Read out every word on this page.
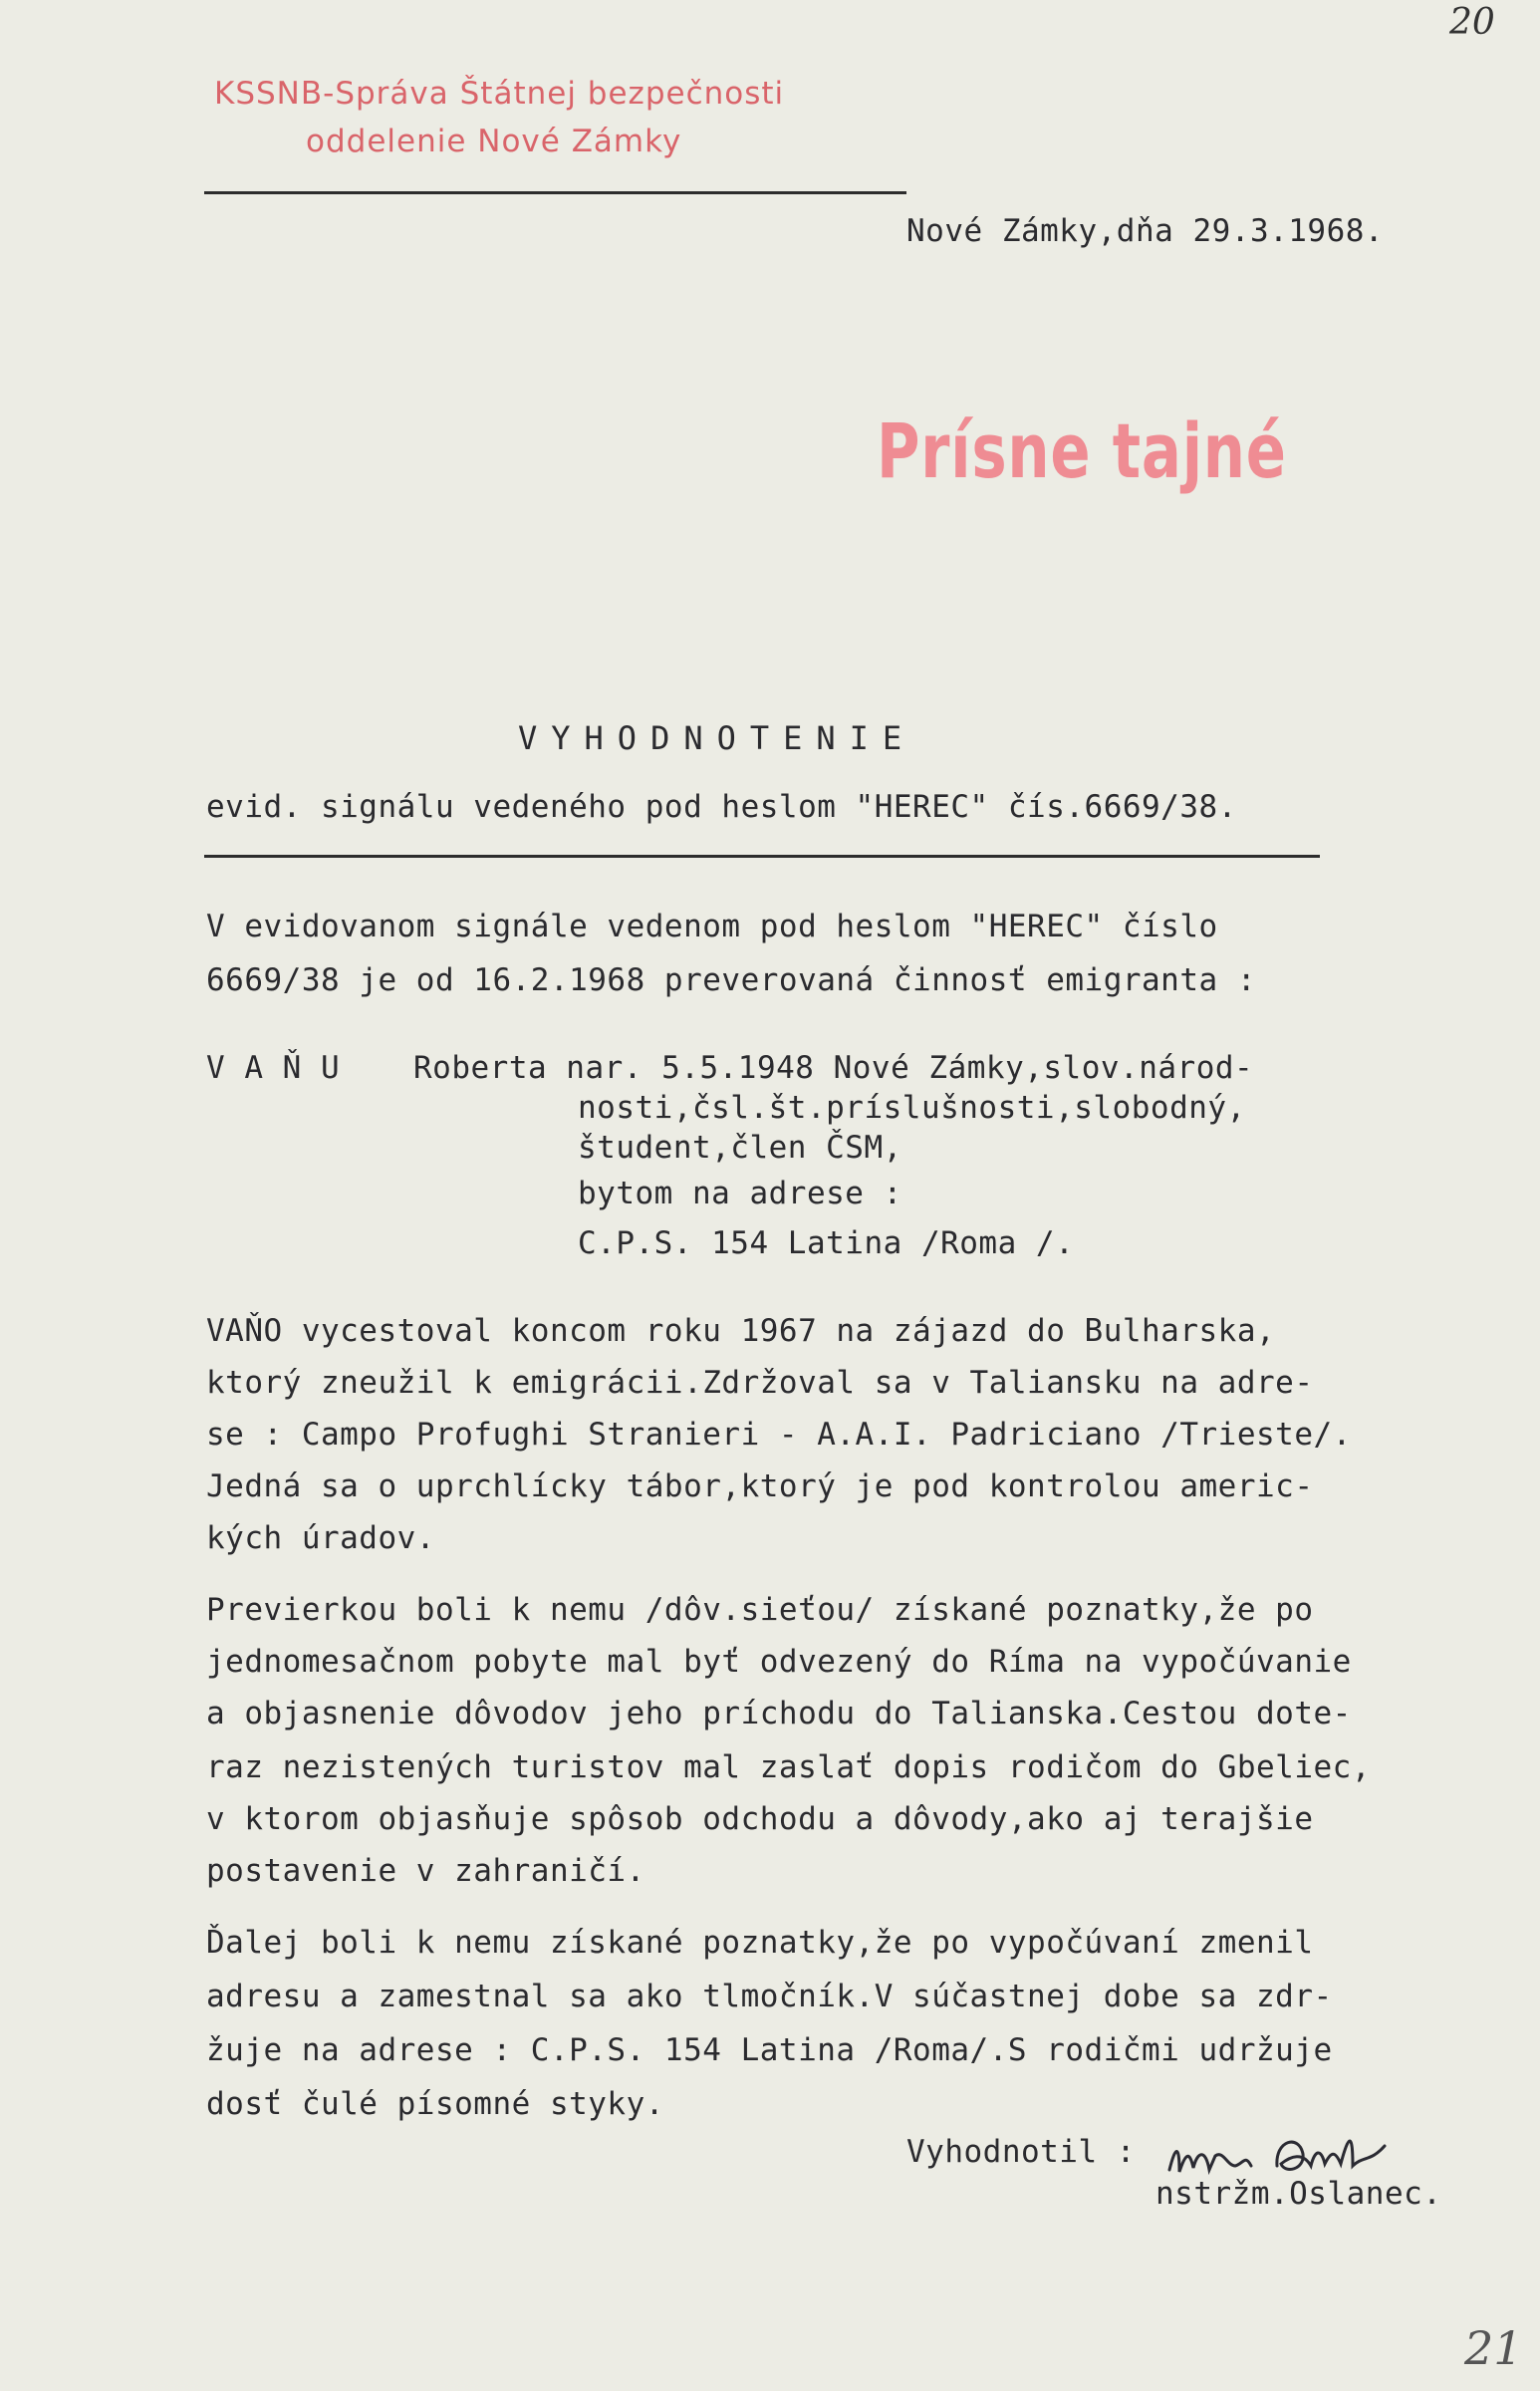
20
KSSNB-Správa Štátnej bezpečnosti
oddelenie Nové Zámky
Nové Zámky,dňa 29.3.1968.
Prísne tajné
VYHODNOTENIE
evid. signálu vedeného pod heslom "HEREC" čís.6669/38.
V evidovanom signále vedenom pod heslom "HEREC" číslo
6669/38 je od 16.2.1968 preverovaná činnosť emigranta :
V A Ň U Roberta nar. 5.5.1948 Nové Zámky,slov.národ-
nosti,čsl.št.príslušnosti,slobodný,
študent,člen ČSM,
bytom na adrese :
C.P.S. 154 Latina /Roma /.
VAŇO vycestoval koncom roku 1967 na zájazd do Bulharska,
ktorý zneužil k emigrácii.Zdržoval sa v Taliansku na adre-
se : Campo Profughi Stranieri - A.A.I. Padriciano /Trieste/.
Jedná sa o uprchlícky tábor,ktorý je pod kontrolou americ-
kých úradov.
Previerkou boli k nemu /dôv.sieťou/ získané poznatky,že po
jednomesačnom pobyte mal byť odvezený do Ríma na vypočúvanie
a objasnenie dôvodov jeho príchodu do Talianska.Cestou dote-
raz nezistených turistov mal zaslať dopis rodičom do Gbeliec,
v ktorom objasňuje spôsob odchodu a dôvody,ako aj terajšie
postavenie v zahraničí.
Ďalej boli k nemu získané poznatky,že po vypočúvaní zmenil
adresu a zamestnal sa ako tlmočník.V súčastnej dobe sa zdr-
žuje na adrese : C.P.S. 154 Latina /Roma/.S rodičmi udržuje
dosť čulé písomné styky.
Vyhodnotil :
nstržm.Oslanec.
21
